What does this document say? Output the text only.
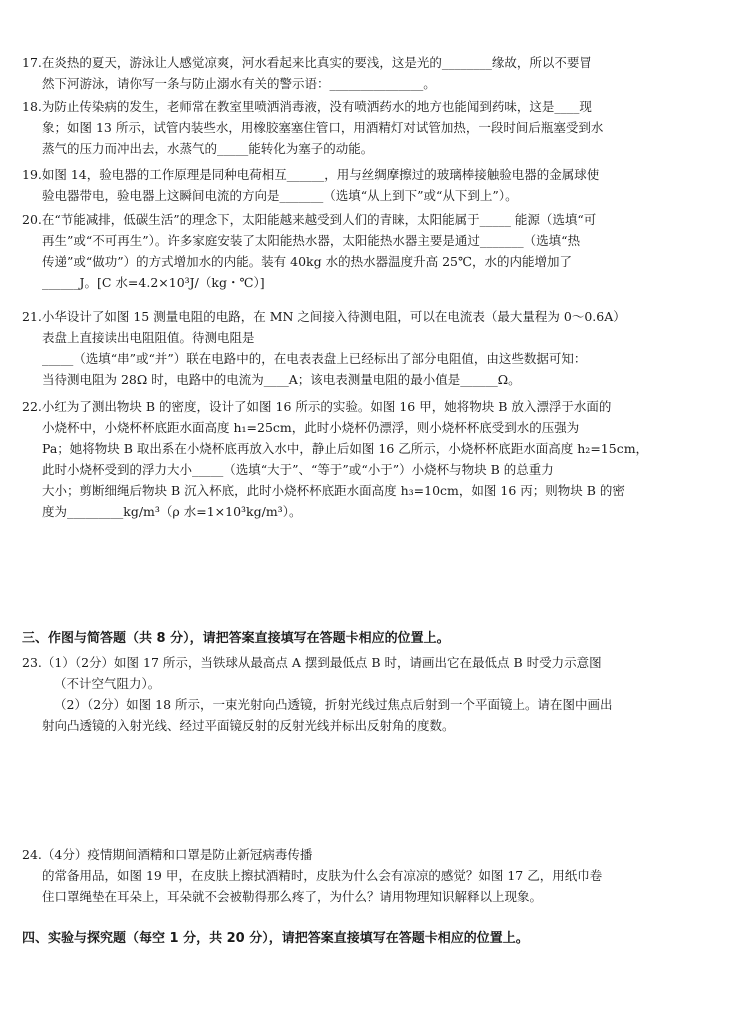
17.在炎热的夏天，游泳让人感觉凉爽，河水看起来比真实的要浅，这是光的________缘故，所以不要冒
然下河游泳，请你写一条与防止溺水有关的警示语：_______________。
18.为防止传染病的发生，老师常在教室里喷洒消毒液，没有喷洒药水的地方也能闻到药味，这是____现
象；如图 13 所示，试管内装些水，用橡胶塞塞住管口，用酒精灯对试管加热，一段时间后瓶塞受到水
蒸气的压力而冲出去，水蒸气的_____能转化为塞子的动能。
19.如图 14，验电器的工作原理是同种电荷相互______，用与丝绸摩擦过的玻璃棒接触验电器的金属球使
验电器带电，验电器上这瞬间电流的方向是_______（选填“从上到下”或“从下到上”）。
20.在“节能减排，低碳生活”的理念下，太阳能越来越受到人们的青睐，太阳能属于_____ 能源（选填“可
再生”或“不可再生”）。许多家庭安装了太阳能热水器，太阳能热水器主要是通过_______（选填“热
传递”或“做功”）的方式增加水的内能。装有 40kg 水的热水器温度升高 25℃，水的内能增加了
______J。[C 水=4.2×10³J/（kg・℃）]
21.小华设计了如图 15 测量电阻的电路，在 MN 之间接入待测电阻，可以在电流表（最大量程为 0～0.6A）
表盘上直接读出电阻阻值。待测电阻是
_____（选填“串”或“并”）联在电路中的，在电表表盘上已经标出了部分电阻值，由这些数据可知：
当待测电阻为 28Ω 时，电路中的电流为____A；该电表测量电阻的最小值是______Ω。
22.小红为了测出物块 B 的密度，设计了如图 16 所示的实验。如图 16 甲，她将物块 B 放入漂浮于水面的
小烧杯中，小烧杯杯底距水面高度 h₁=25cm，此时小烧杯仍漂浮，则小烧杯杯底受到水的压强为
Pa；她将物块 B 取出系在小烧杯底再放入水中，静止后如图 16 乙所示，小烧杯杯底距水面高度 h₂=15cm，
此时小烧杯受到的浮力大小_____（选填“大于”、“等于”或“小于”）小烧杯与物块 B 的总重力
大小；剪断细绳后物块 B 沉入杯底，此时小烧杯杯底距水面高度 h₃=10cm，如图 16 丙；则物块 B 的密
度为_________kg/m³（ρ 水=1×10³kg/m³）。
三、作图与简答题（共 8 分），请把答案直接填写在答题卡相应的位置上。
23.（1）（2分）如图 17 所示，当铁球从最高点 A 摆到最低点 B 时，请画出它在最低点 B 时受力示意图
（不计空气阻力）。
（2）（2分）如图 18 所示，一束光射向凸透镜，折射光线过焦点后射到一个平面镜上。请在图中画出
射向凸透镜的入射光线、经过平面镜反射的反射光线并标出反射角的度数。
24.（4分）疫情期间酒精和口罩是防止新冠病毒传播
的常备用品，如图 19 甲，在皮肤上擦拭酒精时，皮肤为什么会有凉凉的感觉？如图 17 乙，用纸巾卷
住口罩绳垫在耳朵上，耳朵就不会被勒得那么疼了，为什么？请用物理知识解释以上现象。
四、实验与探究题（每空 1 分，共 20 分），请把答案直接填写在答题卡相应的位置上。
